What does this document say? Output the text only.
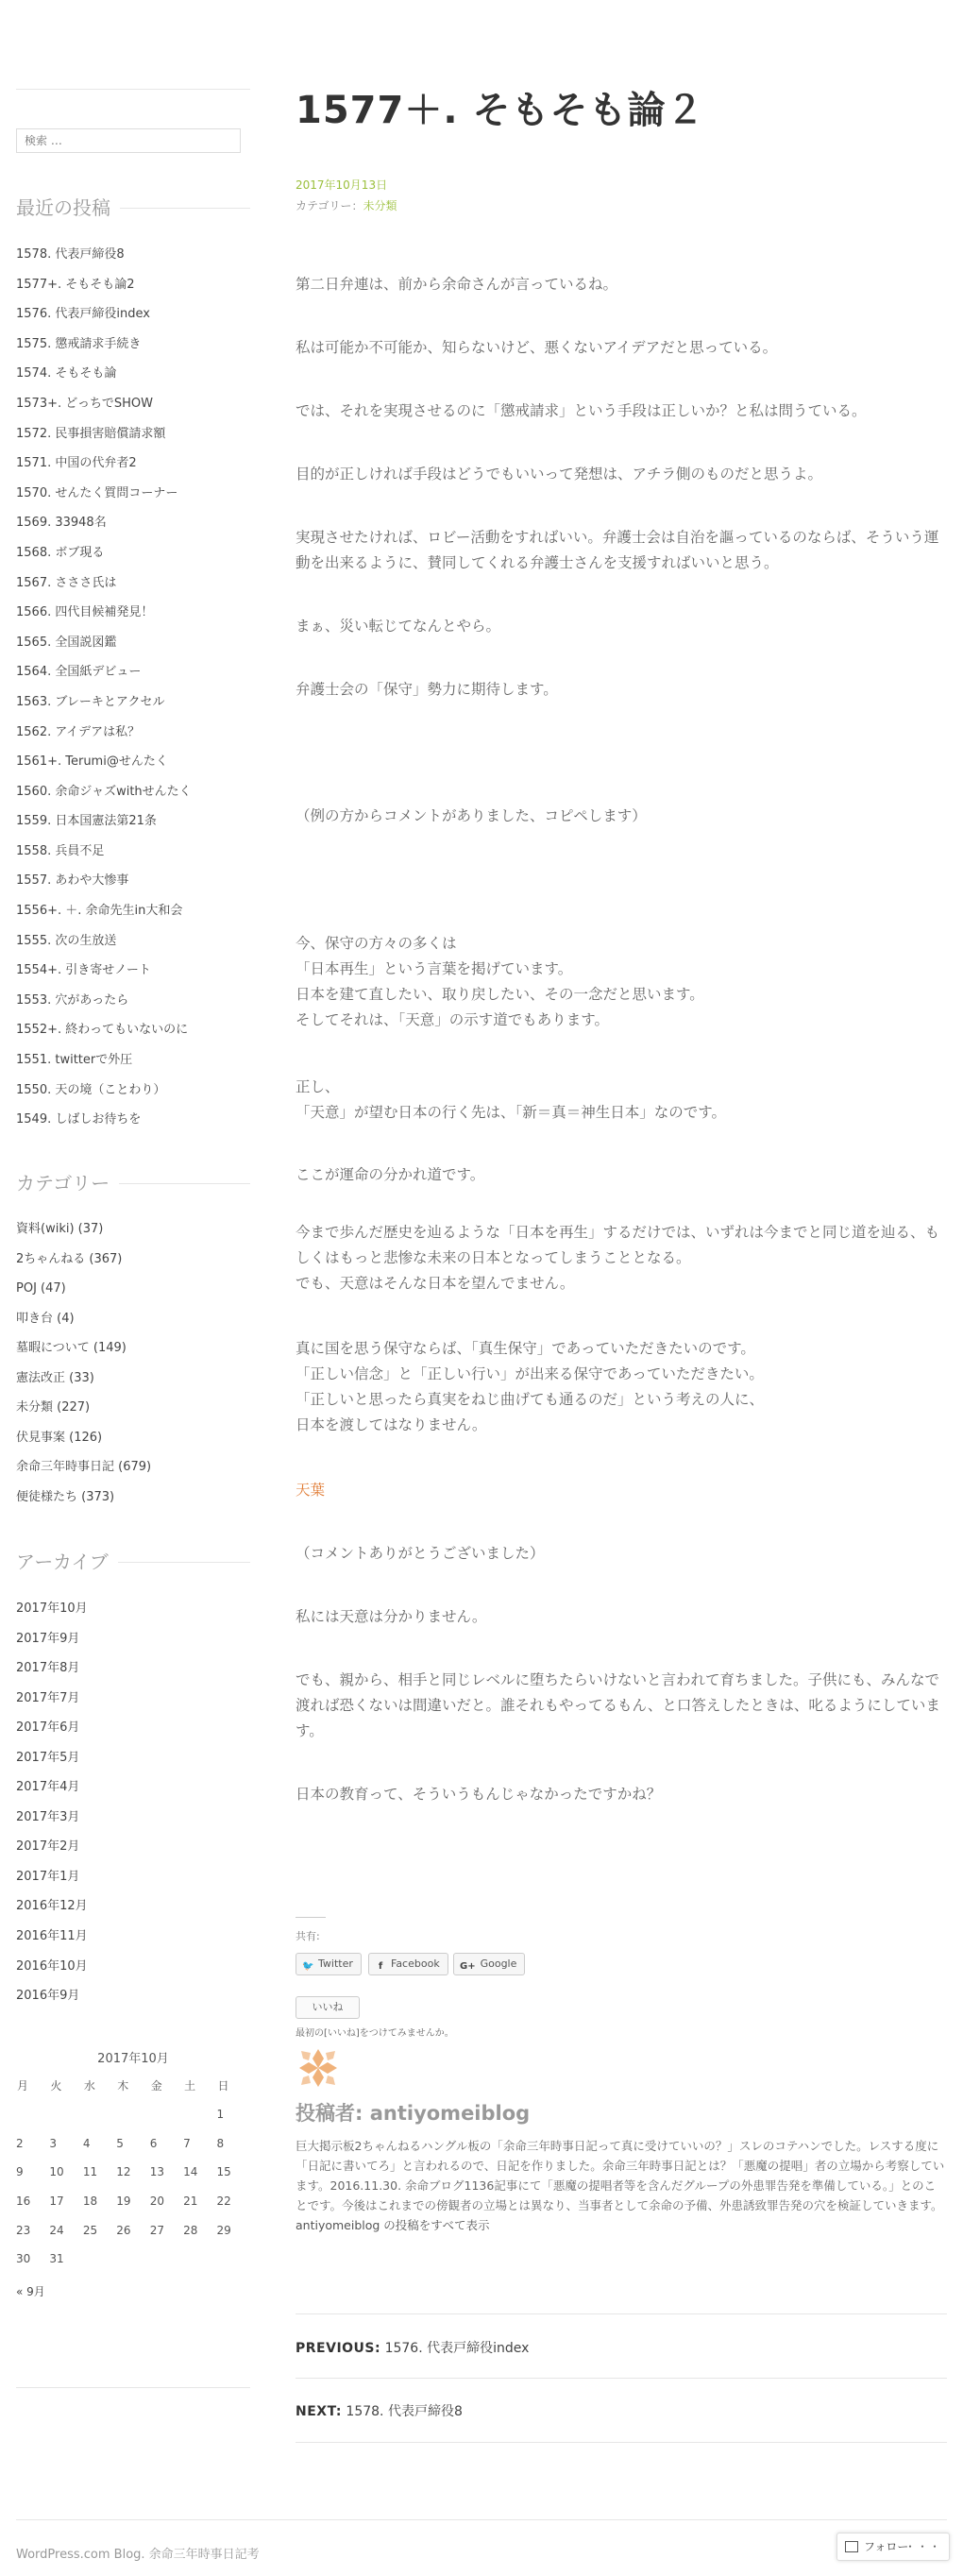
検索 …
最近の投稿
1578. 代表戸締役8
1577+. そもそも論2
1576. 代表戸締役index
1575. 懲戒請求手続き
1574. そもそも論
1573+. どっちでSHOW
1572. 民事損害賠償請求額
1571. 中国の代弁者2
1570. せんたく質問コーナー
1569. 33948名
1568. ボブ現る
1567. さささ氏は
1566. 四代目候補発見！
1565. 全国説図鑑
1564. 全国紙デビュー
1563. ブレーキとアクセル
1562. アイデアは私？
1561+. Terumi@せんたく
1560. 余命ジャズwithせんたく
1559. 日本国憲法第21条
1558. 兵員不足
1557. あわや大惨事
1556+. ＋. 余命先生in大和会
1555. 次の生放送
1554+. 引き寄せノート
1553. 穴があったら
1552+. 終わってもいないのに
1551. twitterで外圧
1550. 天の境（ことわり）
1549. しばしお待ちを
カテゴリー
資料(wiki) (37)
2ちゃんねる (367)
POJ (47)
叩き台 (4)
墓暇について (149)
憲法改正 (33)
未分類 (227)
伏見事案 (126)
余命三年時事日記 (679)
便徒様たち (373)
アーカイブ
2017年10月
2017年9月
2017年8月
2017年7月
2017年6月
2017年5月
2017年4月
2017年3月
2017年2月
2017年1月
2016年12月
2016年11月
2016年10月
2016年9月
2017年10月
月	火	水	木	金	土	日
						1
2	3	4	5	6	7	8
9	10	11	12	13	14	15
16	17	18	19	20	21	22
23	24	25	26	27	28	29
30	31					
« 9月
1577＋. そもそも論２
2017年10月13日
カテゴリー：未分類

第二日弁連は、前から余命さんが言っているね。

私は可能か不可能か、知らないけど、悪くないアイデアだと思っている。

では、それを実現させるのに「懲戒請求」という手段は正しいか？と私は問うている。

目的が正しければ手段はどうでもいいって発想は、アチラ側のものだと思うよ。

実現させたければ、ロビー活動をすればいい。弁護士会は自治を謳っているのならば、そういう運動を出来るように、賛同してくれる弁護士さんを支援すればいいと思う。

まぁ、災い転じてなんとやら。

弁護士会の「保守」勢力に期待します。

（例の方からコメントがありました、コピペします）

今、保守の方々の多くは
「日本再生」という言葉を掲げています。
日本を建て直したい、取り戻したい、その一念だと思います。
そしてそれは、「天意」の示す道でもあります。

正し、
「天意」が望む日本の行く先は、「新＝真＝神生日本」なのです。

ここが運命の分かれ道です。

今まで歩んだ歴史を辿るような「日本を再生」するだけでは、いずれは今までと同じ道を辿る、もしくはもっと悲惨な未来の日本となってしまうこととなる。
でも、天意はそんな日本を望んでません。

真に国を思う保守ならば、「真生保守」であっていただきたいのです。
「正しい信念」と「正しい行い」が出来る保守であっていただきたい。
「正しいと思ったら真実をねじ曲げても通るのだ」という考えの人に、
日本を渡してはなりません。

天葉

（コメントありがとうございました）

私には天意は分かりません。

でも、親から、相手と同じレベルに堕ちたらいけないと言われて育ちました。子供にも、みんなで渡れば恐くないは間違いだと。誰それもやってるもん、と口答えしたときは、叱るようにしています。

日本の教育って、そういうもんじゃなかったですかね？

共有:
🐦 Twitter	f Facebook	G+ Google
いいね
最初の[いいね]をつけてみませんか。
投稿者: antiyomeiblog

巨大掲示板2ちゃんねるハングル板の「余命三年時事日記って真に受けていいの？」スレのコテハンでした。レスする度に「日記に書いてろ」と言われるので、日記を作りました。余命三年時事日記とは？「悪魔の提唱」者の立場から考察しています。2016.11.30. 余命ブログ1136記事にて「悪魔の提唱者等を含んだグループの外患罪告発を準備している。」とのことです。今後はこれまでの傍観者の立場とは異なり、当事者として余命の予備、外患誘致罪告発の穴を検証していきます。 antiyomeiblog の投稿をすべて表示

PREVIOUS: 1576. 代表戸締役index
NEXT: 1578. 代表戸締役8
WordPress.com Blog. 余命三年時事日記考
フォロー
・・・
